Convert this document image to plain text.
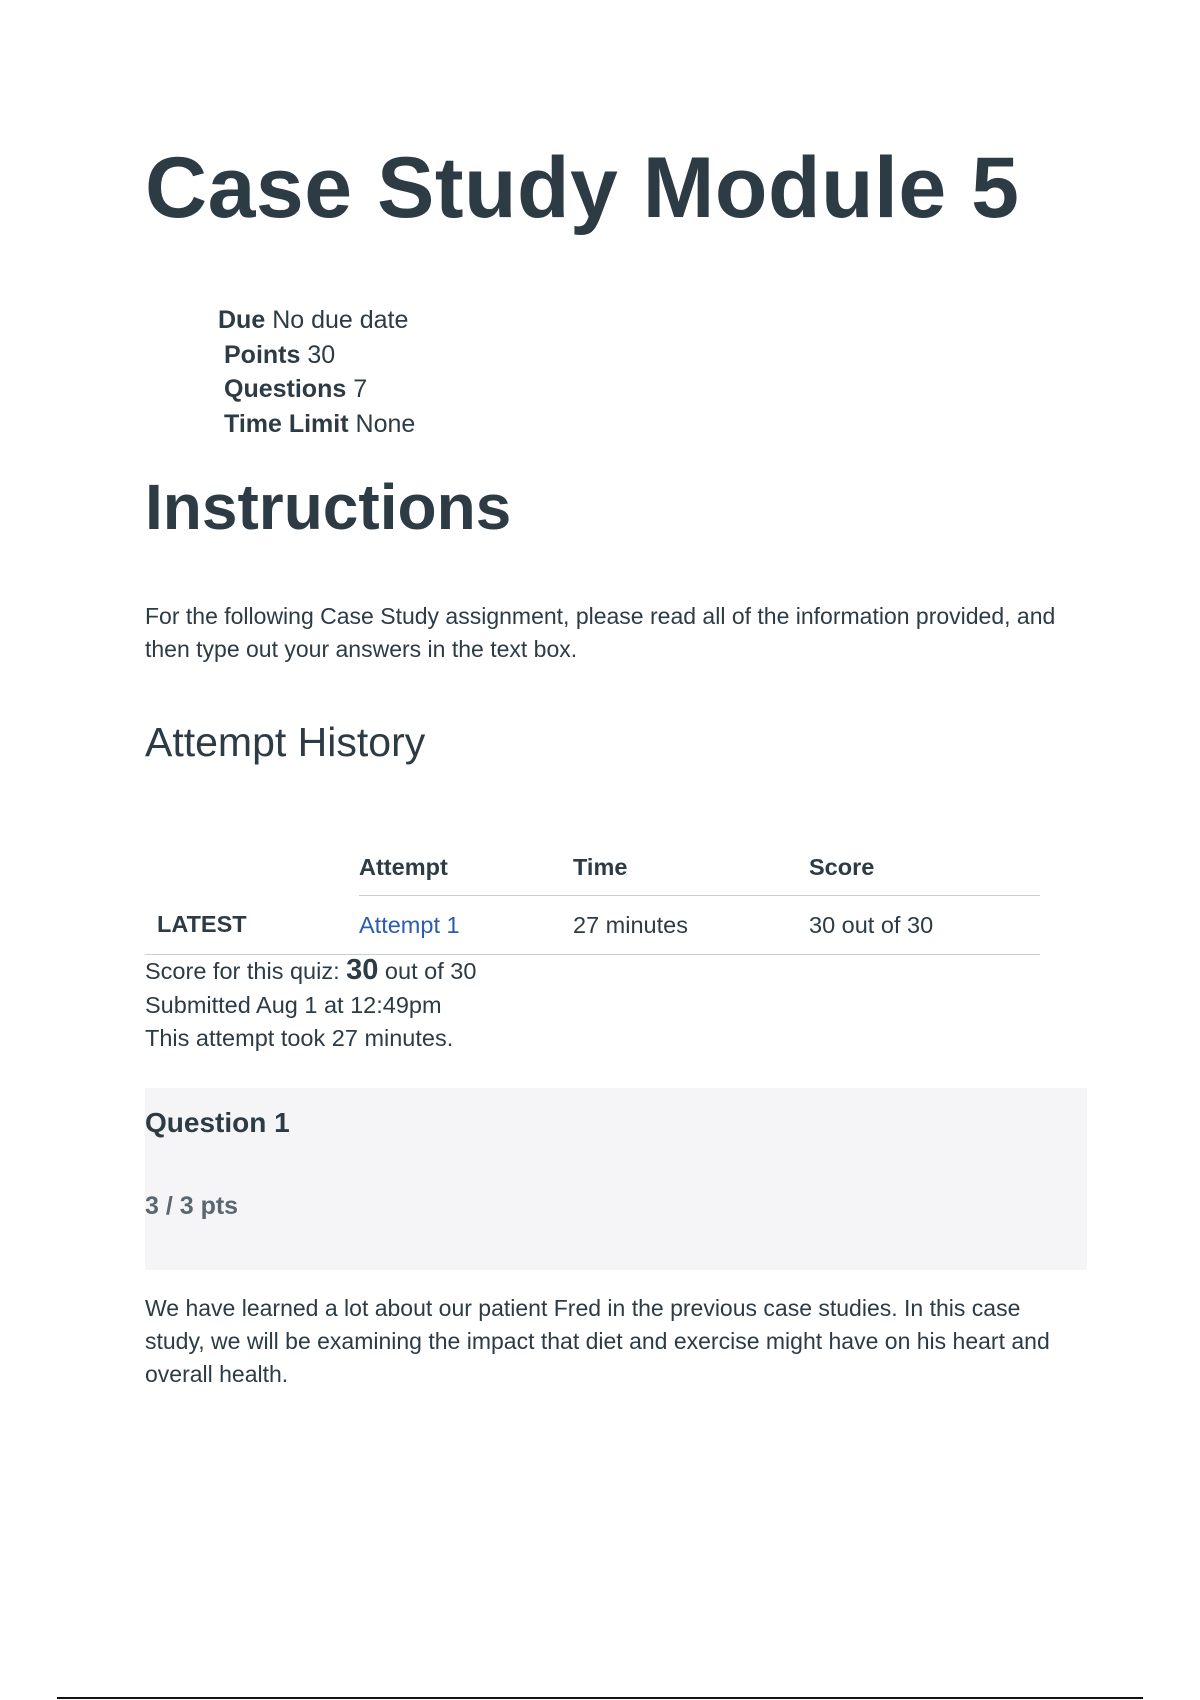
Case Study Module 5
Due No due date
Points 30
Questions 7
Time Limit None
Instructions

For the following Case Study assignment, please read all of the information provided, and then type out your answers in the text box.

Attempt History
	Attempt	Time	Score
LATEST	Attempt 1	27 minutes	30 out of 30
Score for this quiz: 30 out of 30
Submitted Aug 1 at 12:49pm
This attempt took 27 minutes.
Question 1
3 / 3 pts

We have learned a lot about our patient Fred in the previous case studies. In this case study, we will be examining the impact that diet and exercise might have on his heart and overall health.
